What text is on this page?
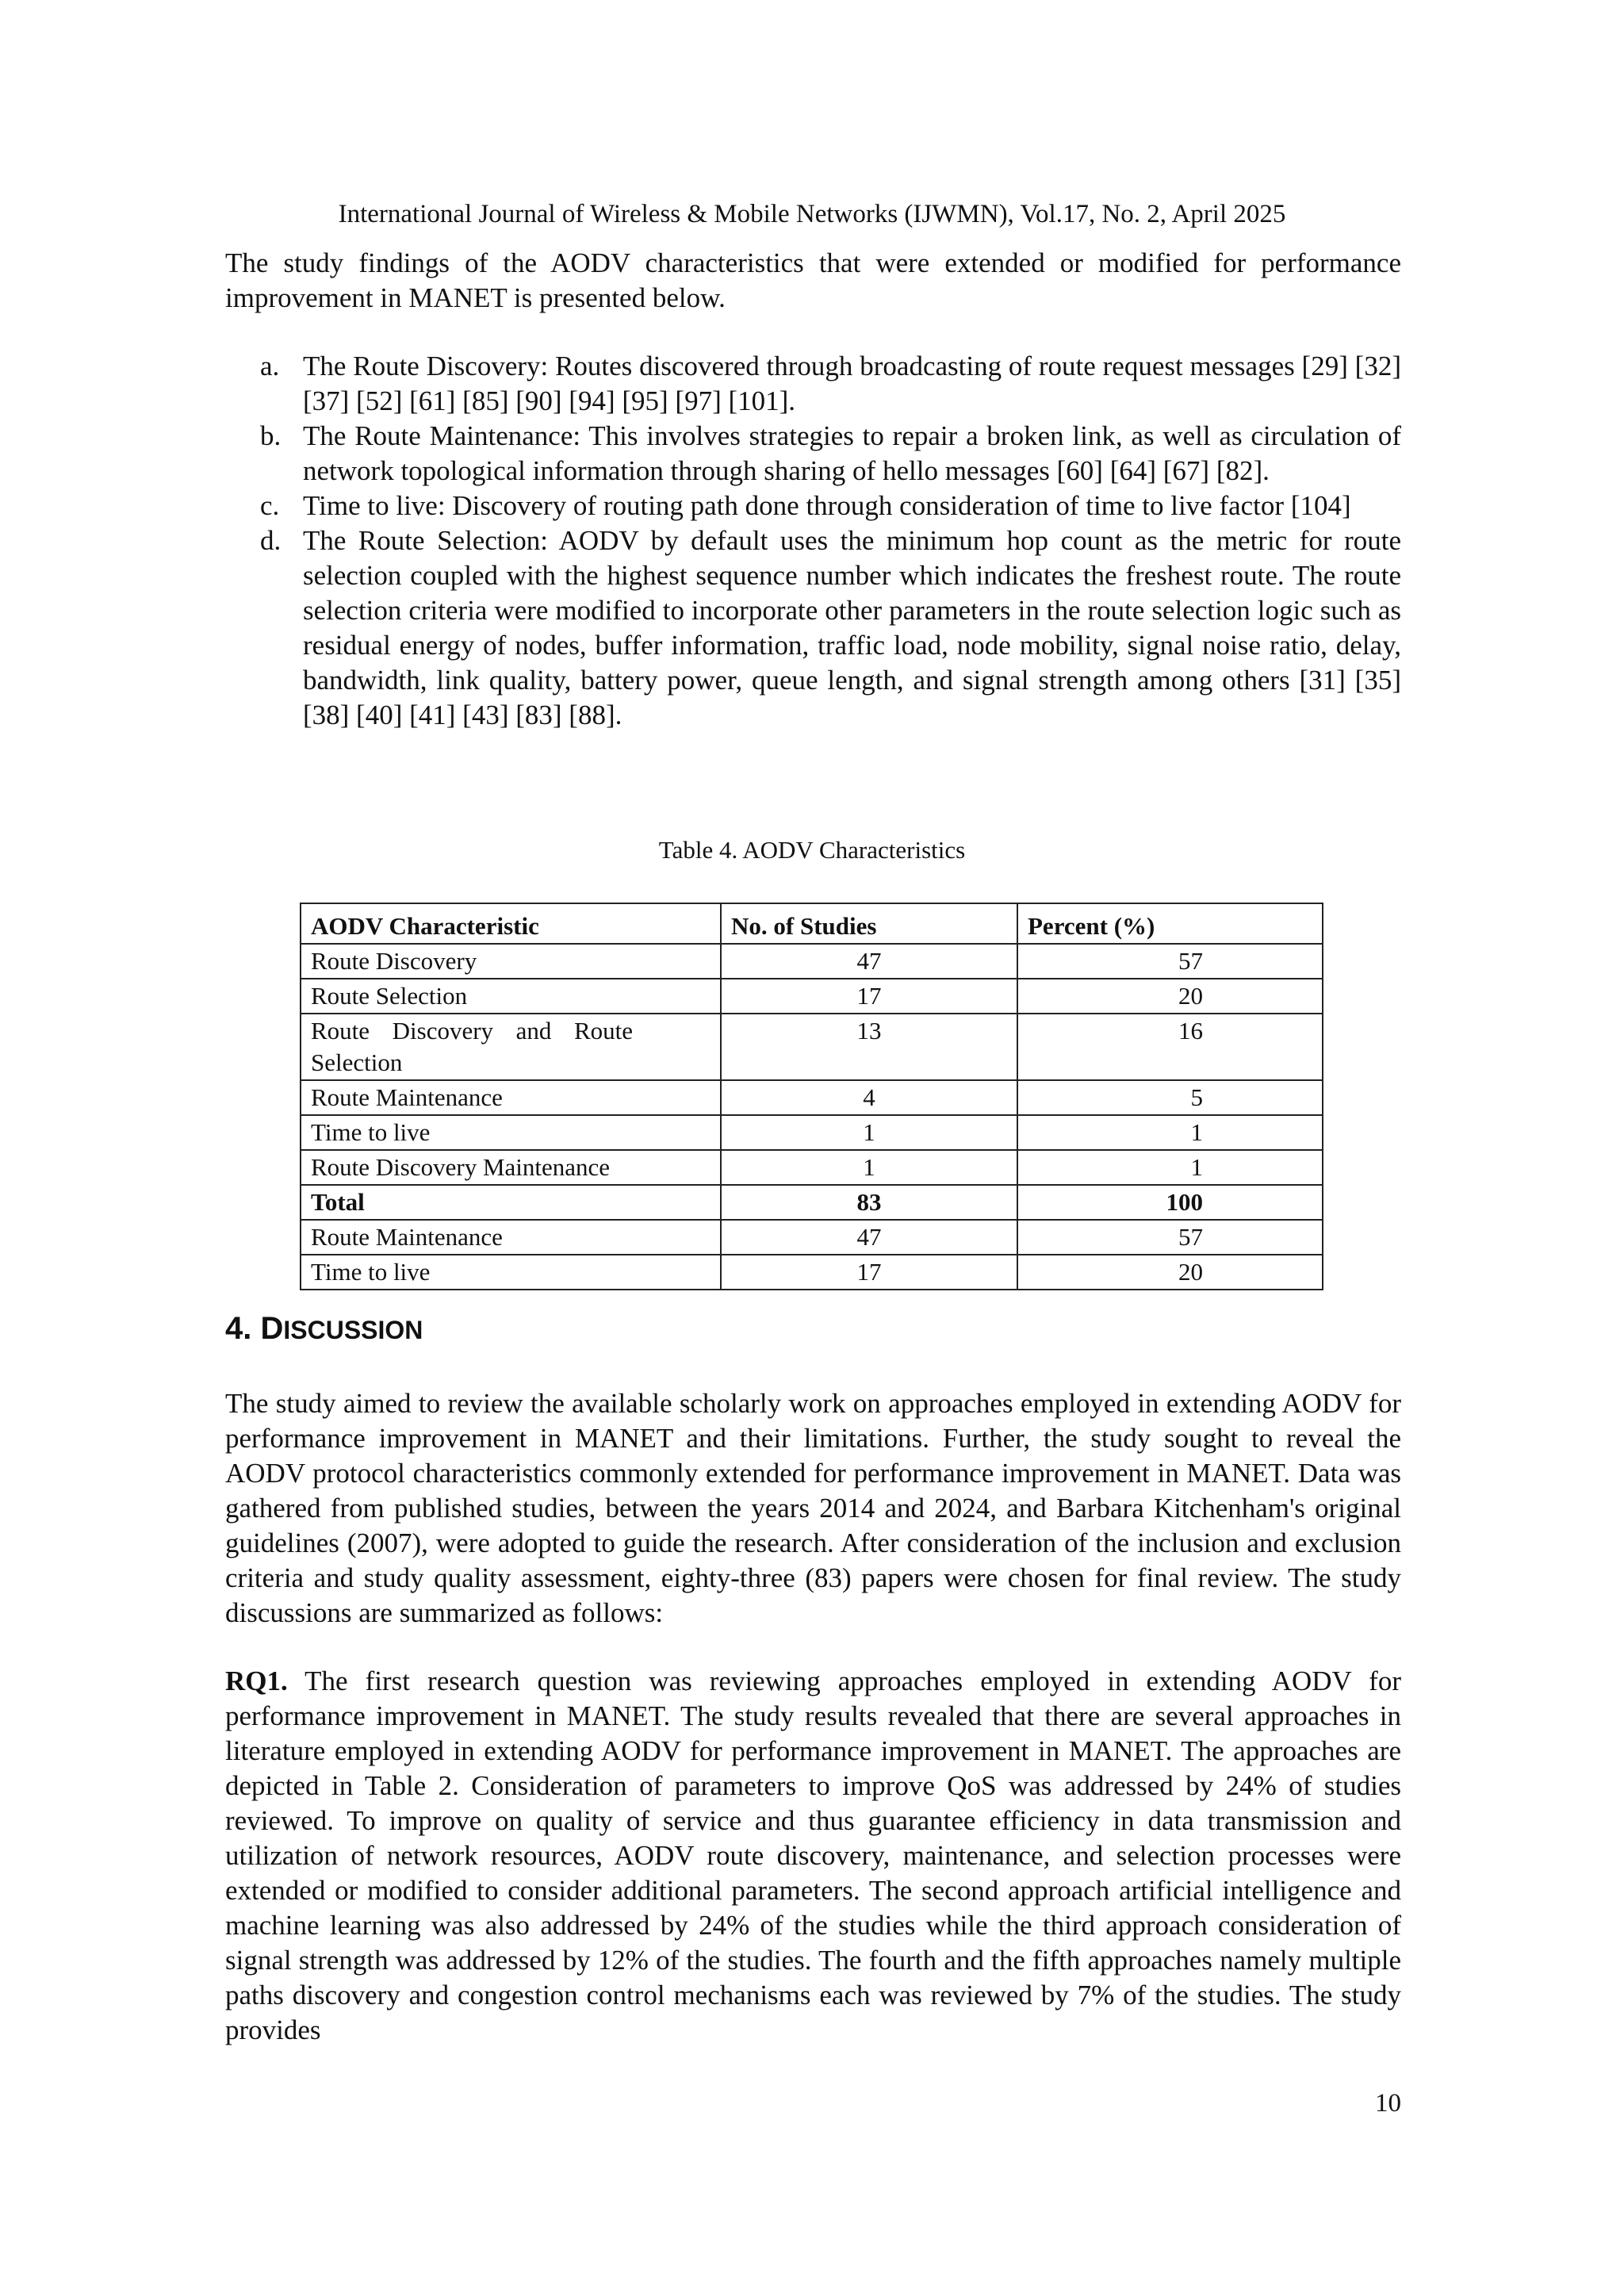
International Journal of Wireless & Mobile Networks (IJWMN), Vol.17, No. 2, April 2025

The study findings of the AODV characteristics that were extended or modified for performance improvement in MANET is presented below.

a. The Route Discovery: Routes discovered through broadcasting of route request messages [29] [32] [37] [52] [61] [85] [90] [94] [95] [97] [101].
b. The Route Maintenance: This involves strategies to repair a broken link, as well as circulation of network topological information through sharing of hello messages [60] [64] [67] [82].
c. Time to live: Discovery of routing path done through consideration of time to live factor [104]
d. The Route Selection: AODV by default uses the minimum hop count as the metric for route selection coupled with the highest sequence number which indicates the freshest route. The route selection criteria were modified to incorporate other parameters in the route selection logic such as residual energy of nodes, buffer information, traffic load, node mobility, signal noise ratio, delay, bandwidth, link quality, battery power, queue length, and signal strength among others [31] [35] [38] [40] [41] [43] [83] [88].
Table 4. AODV Characteristics
AODV Characteristic	No. of Studies	Percent (%)
Route Discovery	47	57
Route Selection	17	20
Route Discovery and Route Selection	13	16
Route Maintenance	4	5
Time to live	1	1
Route Discovery Maintenance	1	1
Total	83	100
Route Maintenance	47	57
Time to live	17	20
4. DISCUSSION

The study aimed to review the available scholarly work on approaches employed in extending AODV for performance improvement in MANET and their limitations. Further, the study sought to reveal the AODV protocol characteristics commonly extended for performance improvement in MANET. Data was gathered from published studies, between the years 2014 and 2024, and Barbara Kitchenham's original guidelines (2007), were adopted to guide the research. After consideration of the inclusion and exclusion criteria and study quality assessment, eighty-three (83) papers were chosen for final review. The study discussions are summarized as follows:

RQ1. The first research question was reviewing approaches employed in extending AODV for performance improvement in MANET. The study results revealed that there are several approaches in literature employed in extending AODV for performance improvement in MANET. The approaches are depicted in Table 2. Consideration of parameters to improve QoS was addressed by 24% of studies reviewed. To improve on quality of service and thus guarantee efficiency in data transmission and utilization of network resources, AODV route discovery, maintenance, and selection processes were extended or modified to consider additional parameters. The second approach artificial intelligence and machine learning was also addressed by 24% of the studies while the third approach consideration of signal strength was addressed by 12% of the studies. The fourth and the fifth approaches namely multiple paths discovery and congestion control mechanisms each was reviewed by 7% of the studies. The study provides

10
